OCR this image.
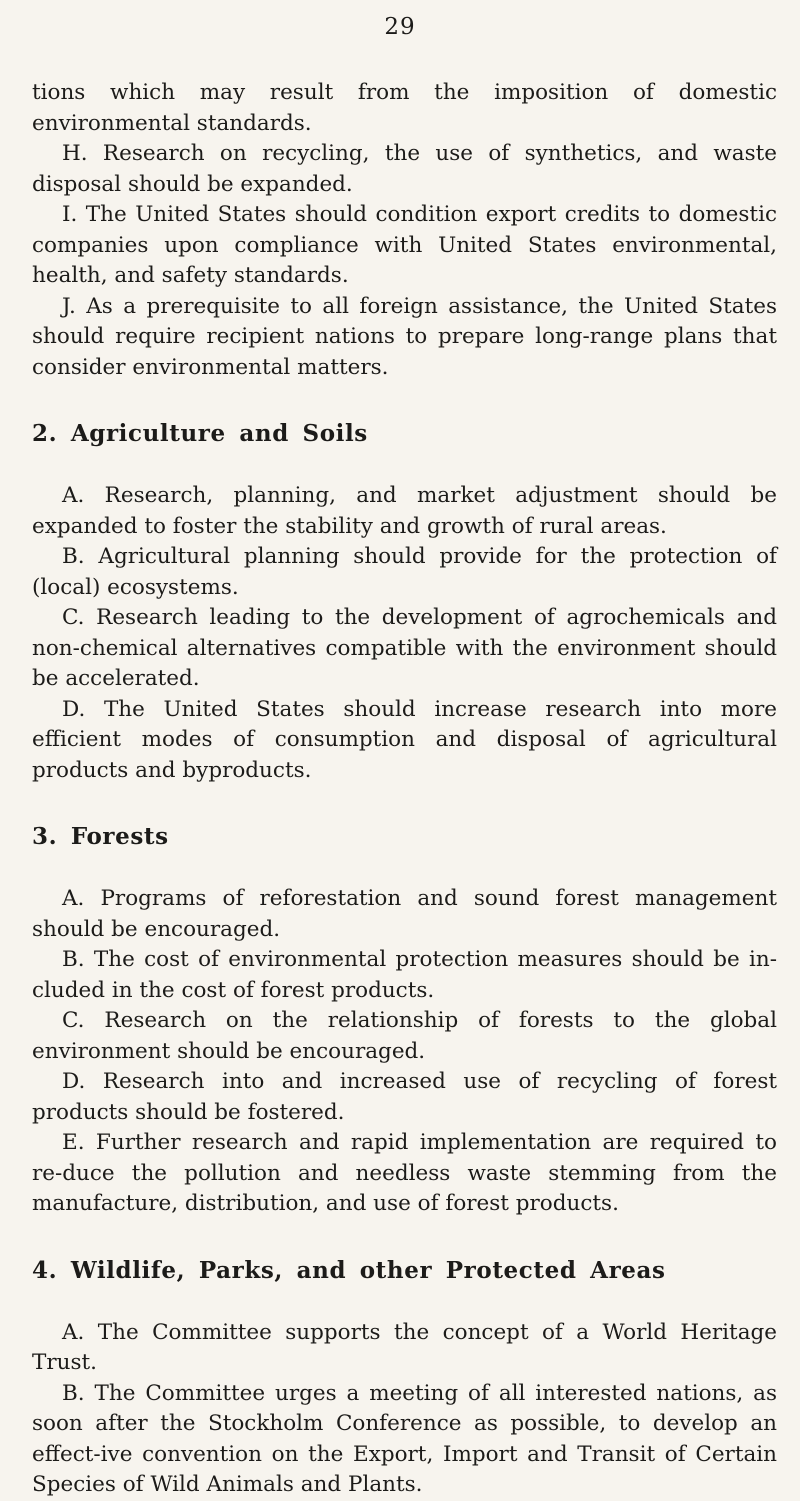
29

tions which may result from the imposition of domestic environmental standards.

H. Research on recycling, the use of synthetics, and waste disposal should be expanded.

I. The United States should condition export credits to domestic companies upon compliance with United States environmental, health, and safety standards.

J. As a prerequisite to all foreign assistance, the United States should require recipient nations to prepare long-range plans that consider environmental matters.

2. Agriculture and Soils

A. Research, planning, and market adjustment should be expanded to foster the stability and growth of rural areas.

B. Agricultural planning should provide for the protection of (local) ecosystems.

C. Research leading to the development of agrochemicals and non-chemical alternatives compatible with the environment should be accelerated.

D. The United States should increase research into more efficient modes of consumption and disposal of agricultural products and byproducts.

3. Forests

A. Programs of reforestation and sound forest management should be encouraged.

B. The cost of environmental protection measures should be in-cluded in the cost of forest products.

C. Research on the relationship of forests to the global environment should be encouraged.

D. Research into and increased use of recycling of forest products should be fostered.

E. Further research and rapid implementation are required to re-duce the pollution and needless waste stemming from the manufacture, distribution, and use of forest products.

4. Wildlife, Parks, and other Protected Areas

A. The Committee supports the concept of a World Heritage Trust.

B. The Committee urges a meeting of all interested nations, as soon after the Stockholm Conference as possible, to develop an effect-ive convention on the Export, Import and Transit of Certain Species of Wild Animals and Plants.
